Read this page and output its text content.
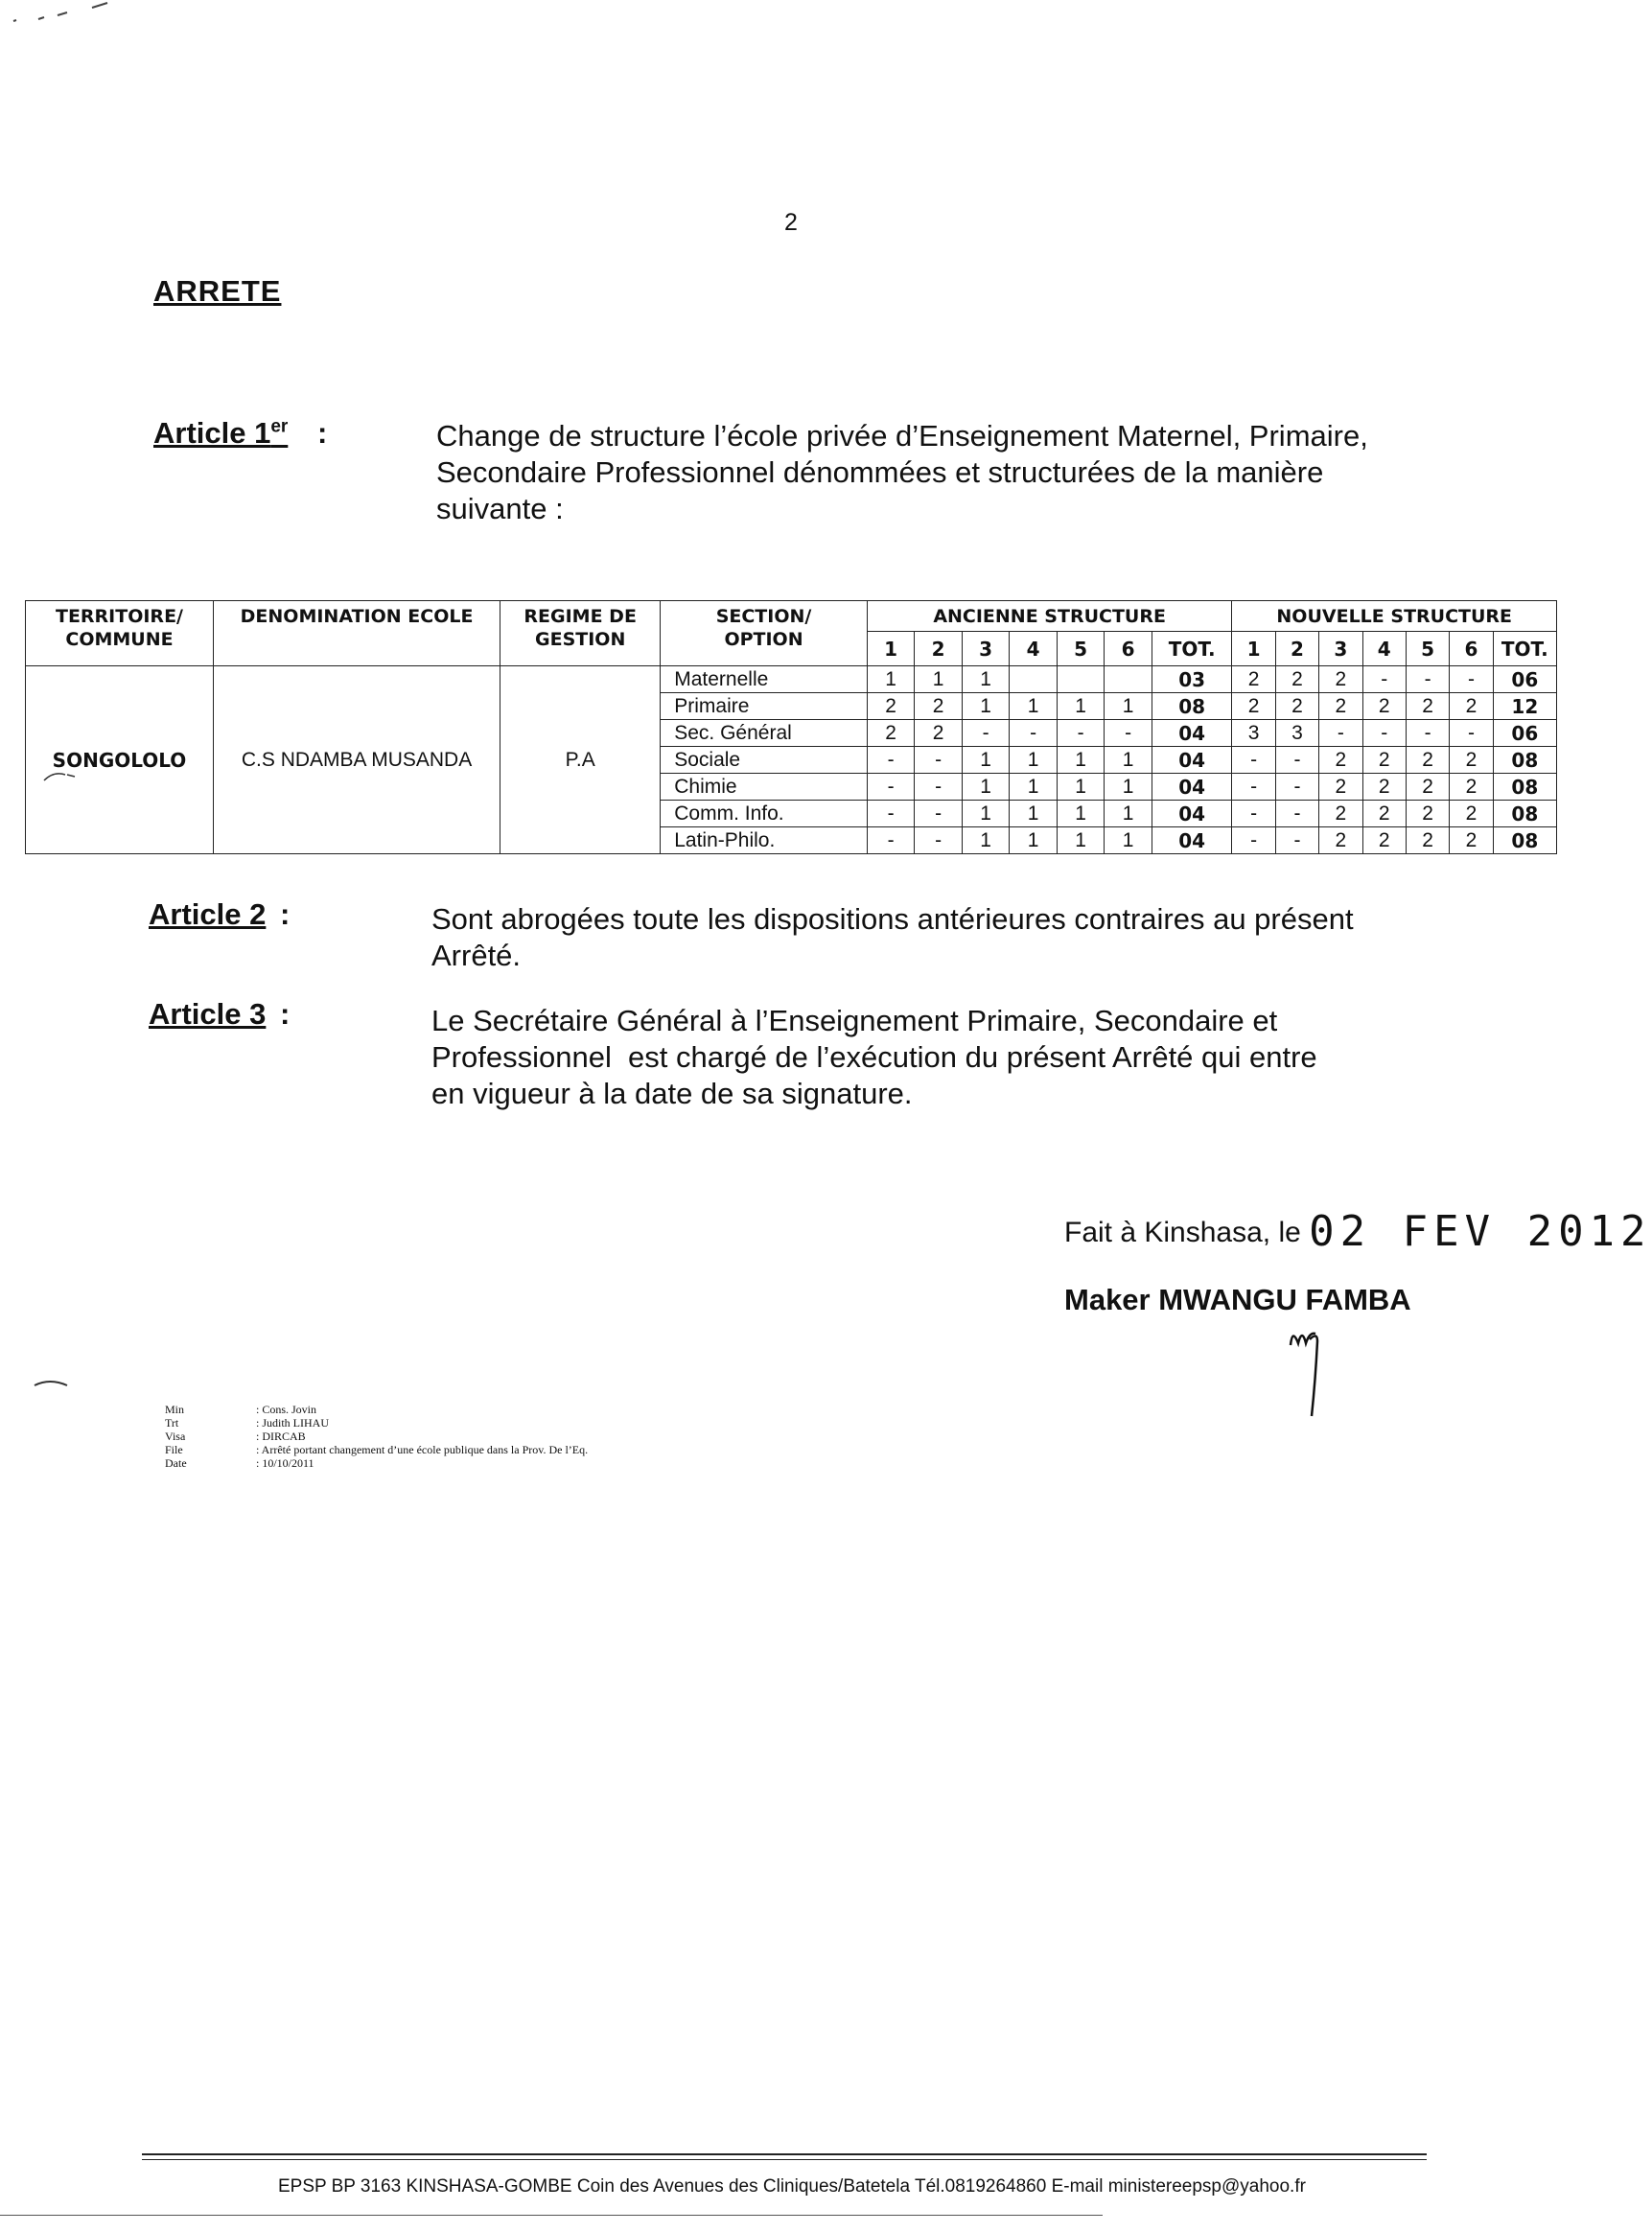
2
ARRETE
Article 1er :	Change de structure l’école privée d’Enseignement Maternel, Primaire,
Secondaire Professionnel dénommées et structurées de la manière
suivante :
TERRITOIRE/ COMMUNE	DENOMINATION ECOLE	REGIME DE GESTION	SECTION/ OPTION	ANCIENNE STRUCTURE							NOUVELLE STRUCTURE						
				1	2	3	4	5	6	TOT.	1	2	3	4	5	6	TOT.
SONGOLOLO	C.S NDAMBA MUSANDA	P.A	Maternelle	1	1	1				03	2	2	2	-	-	-	06
			Primaire	2	2	1	1	1	1	08	2	2	2	2	2	2	12
			Sec. Général	2	2	-	-	-	-	04	3	3	-	-	-	-	06
			Sociale	-	-	1	1	1	1	04	-	-	2	2	2	2	08
			Chimie	-	-	1	1	1	1	04	-	-	2	2	2	2	08
			Comm. Info.	-	-	1	1	1	1	04	-	-	2	2	2	2	08
			Latin-Philo.	-	-	1	1	1	1	04	-	-	2	2	2	2	08
Article 2 :	Sont abrogées toute les dispositions antérieures contraires au présent
Arrêté.
Article 3 :	Le Secrétaire Général à l’Enseignement Primaire, Secondaire et
Professionnel  est chargé de l’exécution du présent Arrêté qui entre
en vigueur à la date de sa signature.
Fait à Kinshasa, le 02 FEV 2012
Maker MWANGU FAMBA
Min	: Cons. Jovin
Trt	: Judith LIHAU
Visa	: DIRCAB
File	: Arrêté portant changement d’une école publique dans la Prov. De l’Eq.
Date	: 10/10/2011
EPSP BP 3163 KINSHASA-GOMBE Coin des Avenues des Cliniques/Batetela Tél.0819264860 E-mail ministereepsp@yahoo.fr
